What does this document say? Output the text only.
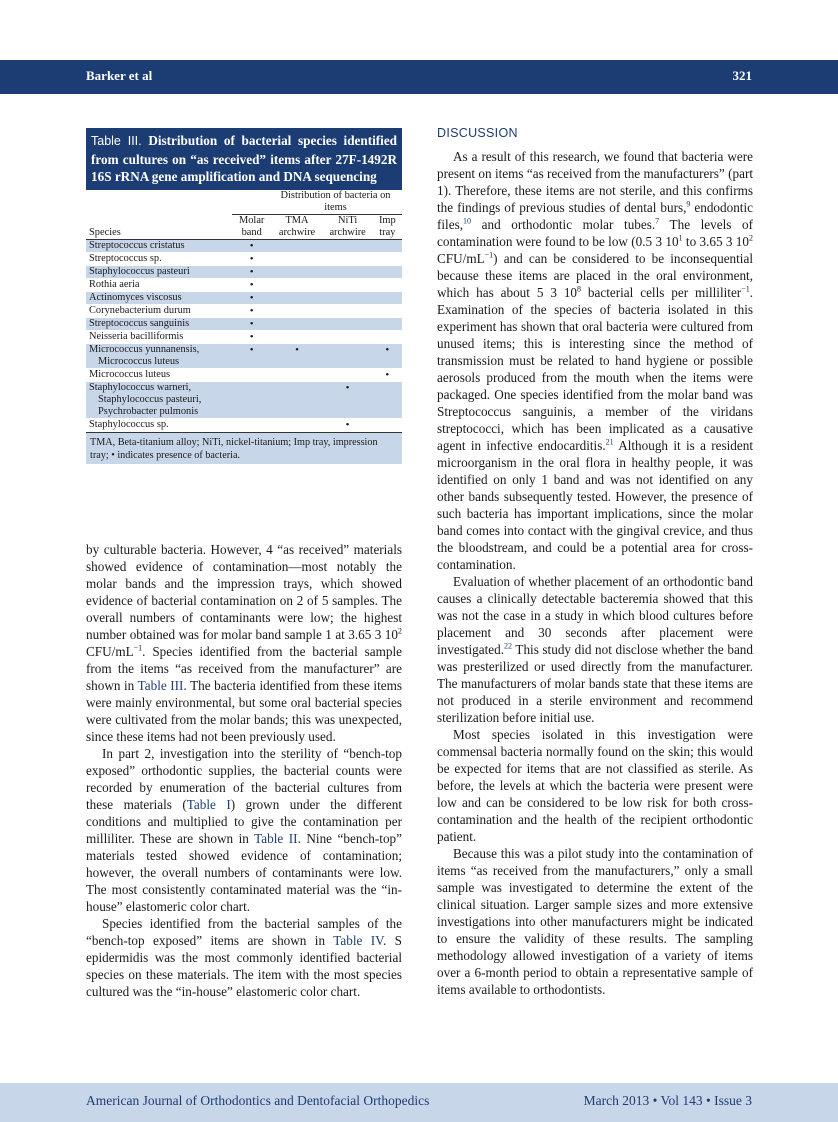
Barker et al	321
Table III. Distribution of bacterial species identified from cultures on “as received” items after 27F-1492R 16S rRNA gene amplification and DNA sequencing
	Distribution of bacteria on items			
Species	Molar band	TMA archwire	NiTi archwire	Imp tray
Streptococcus cristatus	•			
Streptococcus sp.	•			
Staphylococcus pasteuri	•			
Rothia aeria	•			
Actinomyces viscosus	•			
Corynebacterium durum	•			
Streptococcus sanguinis	•			
Neisseria bacilliformis	•			
Micrococcus yunnanensis,
Micrococcus luteus	•	•		•
Micrococcus luteus				•
Staphylococcus warneri,
Staphylococcus pasteuri,
Psychrobacter pulmonis			•	
Staphylococcus sp.			•	
TMA, Beta-titanium alloy; NiTi, nickel-titanium; Imp tray, impression tray; • indicates presence of bacteria.

by culturable bacteria. However, 4 “as received” materials showed evidence of contamination—most notably the molar bands and the impression trays, which showed evidence of bacterial contamination on 2 of 5 samples. The overall numbers of contaminants were low; the highest number obtained was for molar band sample 1 at 3.65 3 $10^2$ CFU/$mL^{-1}$. Species identified from the bacterial sample from the items “as received from the manufacturer” are shown in Table III. The bacteria identified from these items were mainly environmental, but some oral bacterial species were cultivated from the molar bands; this was unexpected, since these items had not been previously used.

In part 2, investigation into the sterility of “bench-top exposed” orthodontic supplies, the bacterial counts were recorded by enumeration of the bacterial cultures from these materials (Table I) grown under the different conditions and multiplied to give the contamination per milliliter. These are shown in Table II. Nine “bench-top” materials tested showed evidence of contamination; however, the overall numbers of contaminants were low. The most consistently contaminated material was the “in-house” elastomeric color chart.

Species identified from the bacterial samples of the “bench-top exposed” items are shown in Table IV. S epidermidis was the most commonly identified bacterial species on these materials. The item with the most species cultured was the “in-house” elastomeric color chart.

DISCUSSION

As a result of this research, we found that bacteria were present on items “as received from the manufacturers” (part 1). Therefore, these items are not sterile, and this confirms the findings of previous studies of dental burs,$^9$ endodontic files,$^{10}$ and orthodontic molar tubes.$^7$ The levels of contamination were found to be low (0.5 3 $10^1$ to 3.65 3 $10^2$ CFU/$mL^{-1}$) and can be considered to be inconsequential because these items are placed in the oral environment, which has about 5 3 $10^8$ bacterial cells per milliliter$^{-1}$. Examination of the species of bacteria isolated in this experiment has shown that oral bacteria were cultured from unused items; this is interesting since the method of transmission must be related to hand hygiene or possible aerosols produced from the mouth when the items were packaged. One species identified from the molar band was Streptococcus sanguinis, a member of the viridans streptococci, which has been implicated as a causative agent in infective endocarditis.$^{21}$ Although it is a resident microorganism in the oral flora in healthy people, it was identified on only 1 band and was not identified on any other bands subsequently tested. However, the presence of such bacteria has important implications, since the molar band comes into contact with the gingival crevice, and thus the bloodstream, and could be a potential area for cross-contamination.

Evaluation of whether placement of an orthodontic band causes a clinically detectable bacteremia showed that this was not the case in a study in which blood cultures before placement and 30 seconds after placement were investigated.$^{22}$ This study did not disclose whether the band was presterilized or used directly from the manufacturer. The manufacturers of molar bands state that these items are not produced in a sterile environment and recommend sterilization before initial use.

Most species isolated in this investigation were commensal bacteria normally found on the skin; this would be expected for items that are not classified as sterile. As before, the levels at which the bacteria were present were low and can be considered to be low risk for both cross-contamination and the health of the recipient orthodontic patient.

Because this was a pilot study into the contamination of items “as received from the manufacturers,” only a small sample was investigated to determine the extent of the clinical situation. Larger sample sizes and more extensive investigations into other manufacturers might be indicated to ensure the validity of these results. The sampling methodology allowed investigation of a variety of items over a 6-month period to obtain a representative sample of items available to orthodontists.

American Journal of Orthodontics and Dentofacial Orthopedics	March 2013 • Vol 143 • Issue 3
